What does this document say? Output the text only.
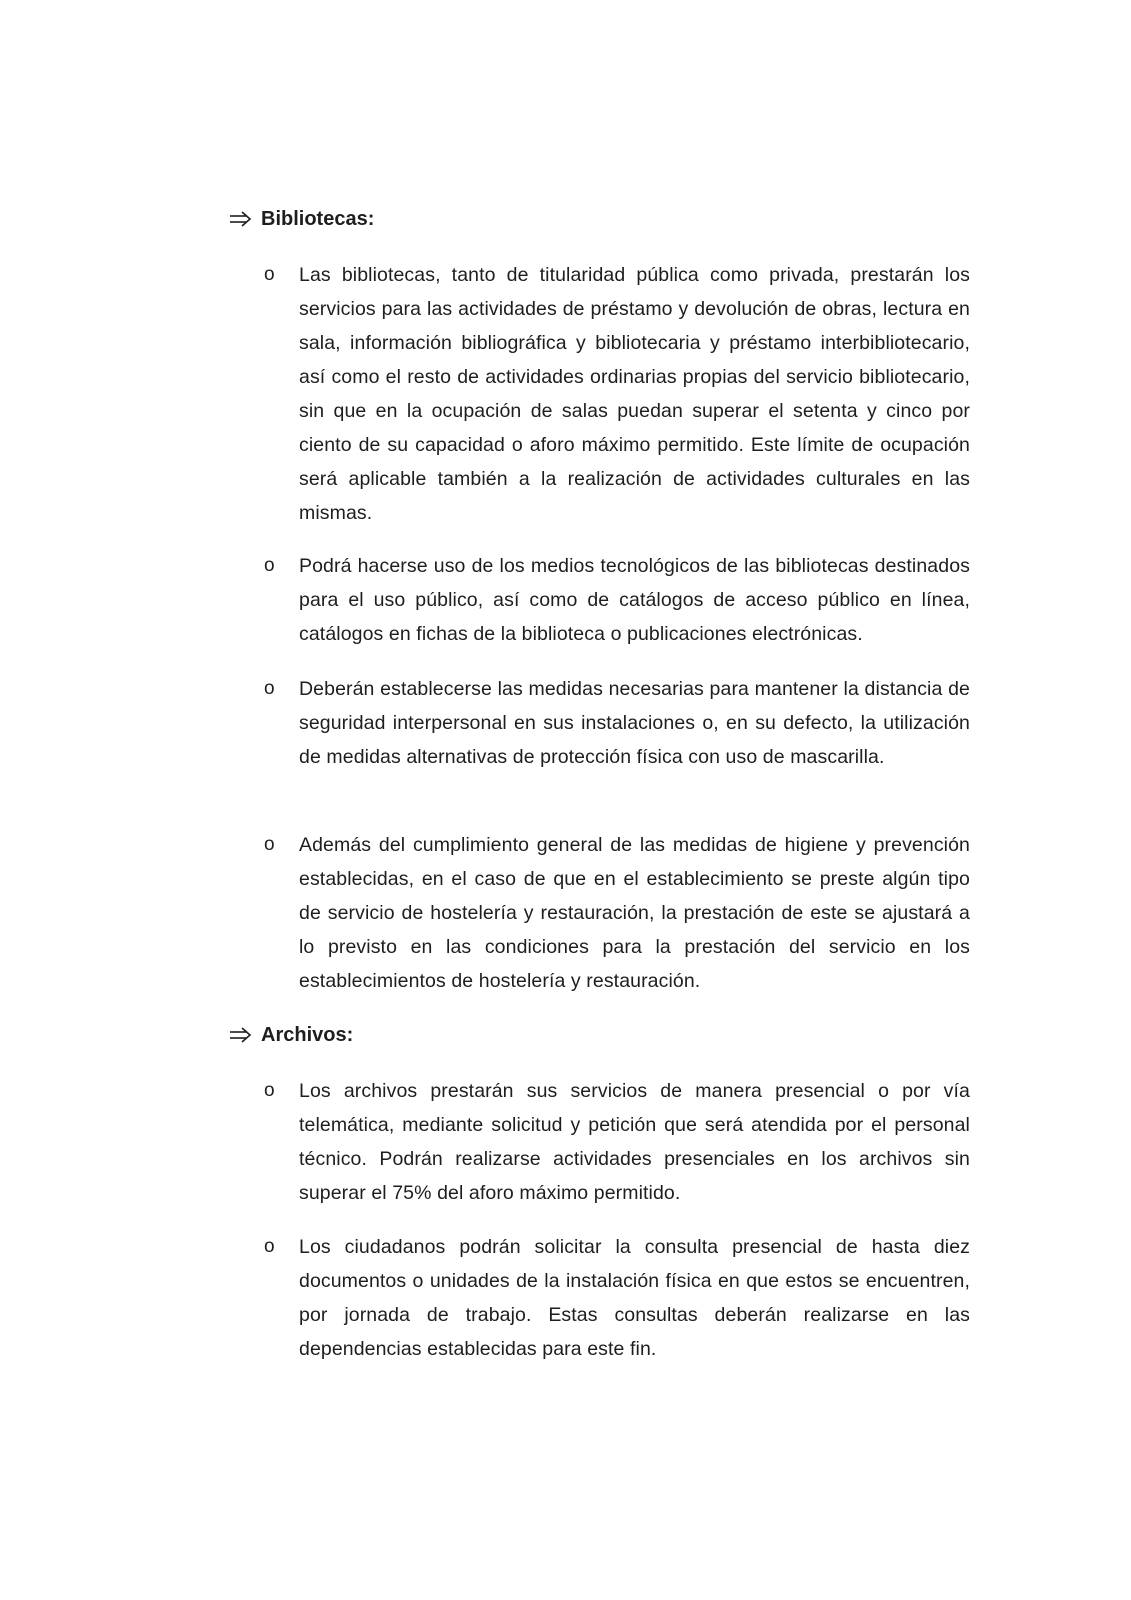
Bibliotecas:
o	Las bibliotecas, tanto de titularidad pública como privada, prestarán los servicios para las actividades de préstamo y devolución de obras, lectura en sala, información bibliográfica y bibliotecaria y préstamo interbibliotecario, así como el resto de actividades ordinarias propias del servicio bibliotecario, sin que en la ocupación de salas puedan superar el setenta y cinco por ciento de su capacidad o aforo máximo permitido. Este límite de ocupación será aplicable también a la realización de actividades culturales en las mismas.

o	Podrá hacerse uso de los medios tecnológicos de las bibliotecas destinados para el uso público, así como de catálogos de acceso público en línea, catálogos en fichas de la biblioteca o publicaciones electrónicas.

o	Deberán establecerse las medidas necesarias para mantener la distancia de seguridad interpersonal en sus instalaciones o, en su defecto, la utilización de medidas alternativas de protección física con uso de mascarilla.

o	Además del cumplimiento general de las medidas de higiene y prevención establecidas, en el caso de que en el establecimiento se preste algún tipo de servicio de hostelería y restauración, la prestación de este se ajustará a lo previsto en las condiciones para la prestación del servicio en los establecimientos de hostelería y restauración.

Archivos:
o	Los archivos prestarán sus servicios de manera presencial o por vía telemática, mediante solicitud y petición que será atendida por el personal técnico. Podrán realizarse actividades presenciales en los archivos sin superar el 75% del aforo máximo permitido.

o	Los ciudadanos podrán solicitar la consulta presencial de hasta diez documentos o unidades de la instalación física en que estos se encuentren, por jornada de trabajo. Estas consultas deberán realizarse en las dependencias establecidas para este fin.
